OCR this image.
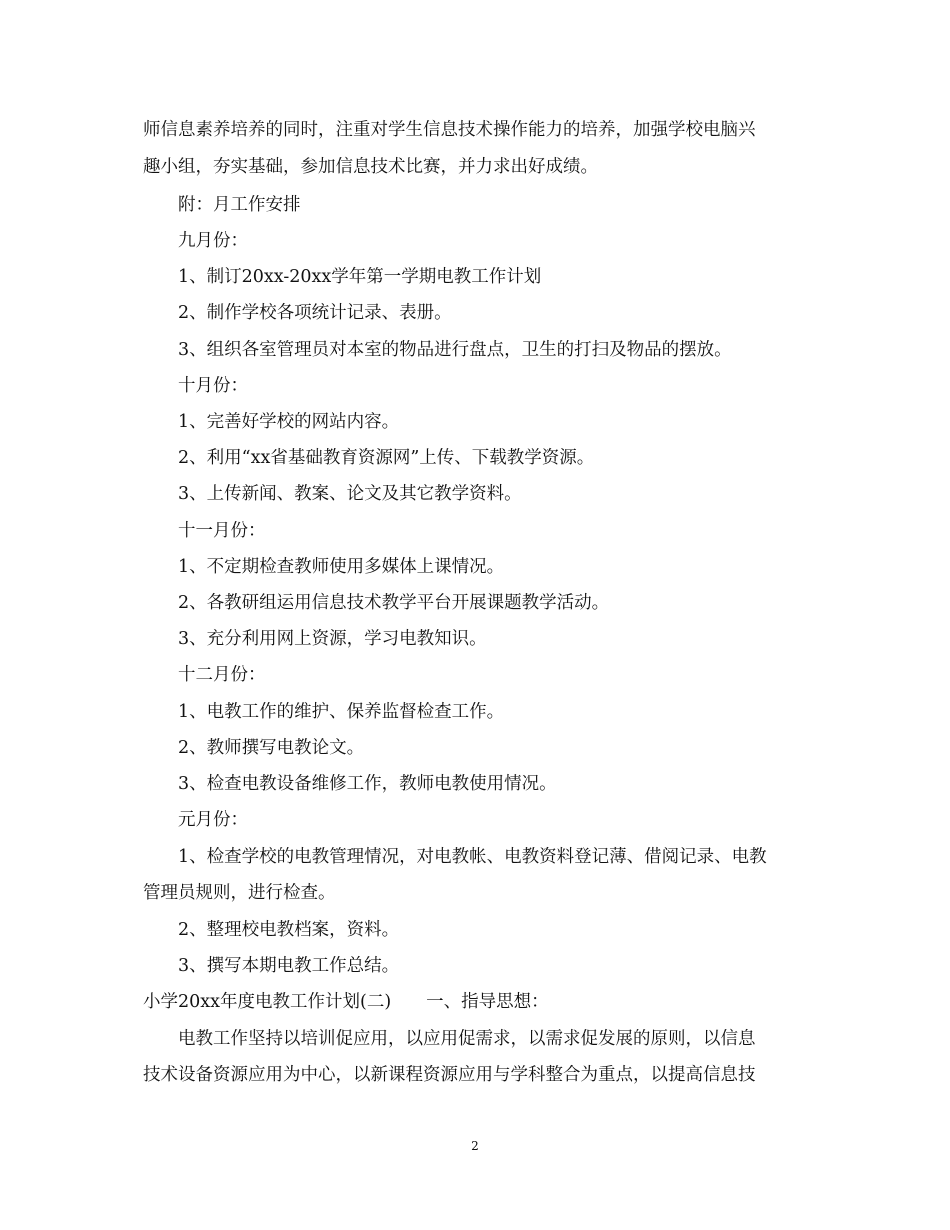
师信息素养培养的同时，注重对学生信息技术操作能力的培养，加强学校电脑兴
趣小组，夯实基础，参加信息技术比赛，并力求出好成绩。
附：月工作安排
九月份：
1、制订20xx-20xx学年第一学期电教工作计划
2、制作学校各项统计记录、表册。
3、组织各室管理员对本室的物品进行盘点，卫生的打扫及物品的摆放。
十月份：
1、完善好学校的网站内容。
2、利用“xx省基础教育资源网”上传、下载教学资源。
3、上传新闻、教案、论文及其它教学资料。
十一月份：
1、不定期检查教师使用多媒体上课情况。
2、各教研组运用信息技术教学平台开展课题教学活动。
3、充分利用网上资源，学习电教知识。
十二月份：
1、电教工作的维护、保养监督检查工作。
2、教师撰写电教论文。
3、检查电教设备维修工作，教师电教使用情况。
元月份：
1、检查学校的电教管理情况，对电教帐、电教资料登记薄、借阅记录、电教
管理员规则，进行检查。
2、整理校电教档案，资料。
3、撰写本期电教工作总结。
小学20xx年度电教工作计划(二)　　一、指导思想：
电教工作坚持以培训促应用，以应用促需求，以需求促发展的原则，以信息
技术设备资源应用为中心，以新课程资源应用与学科整合为重点，以提高信息技
2
